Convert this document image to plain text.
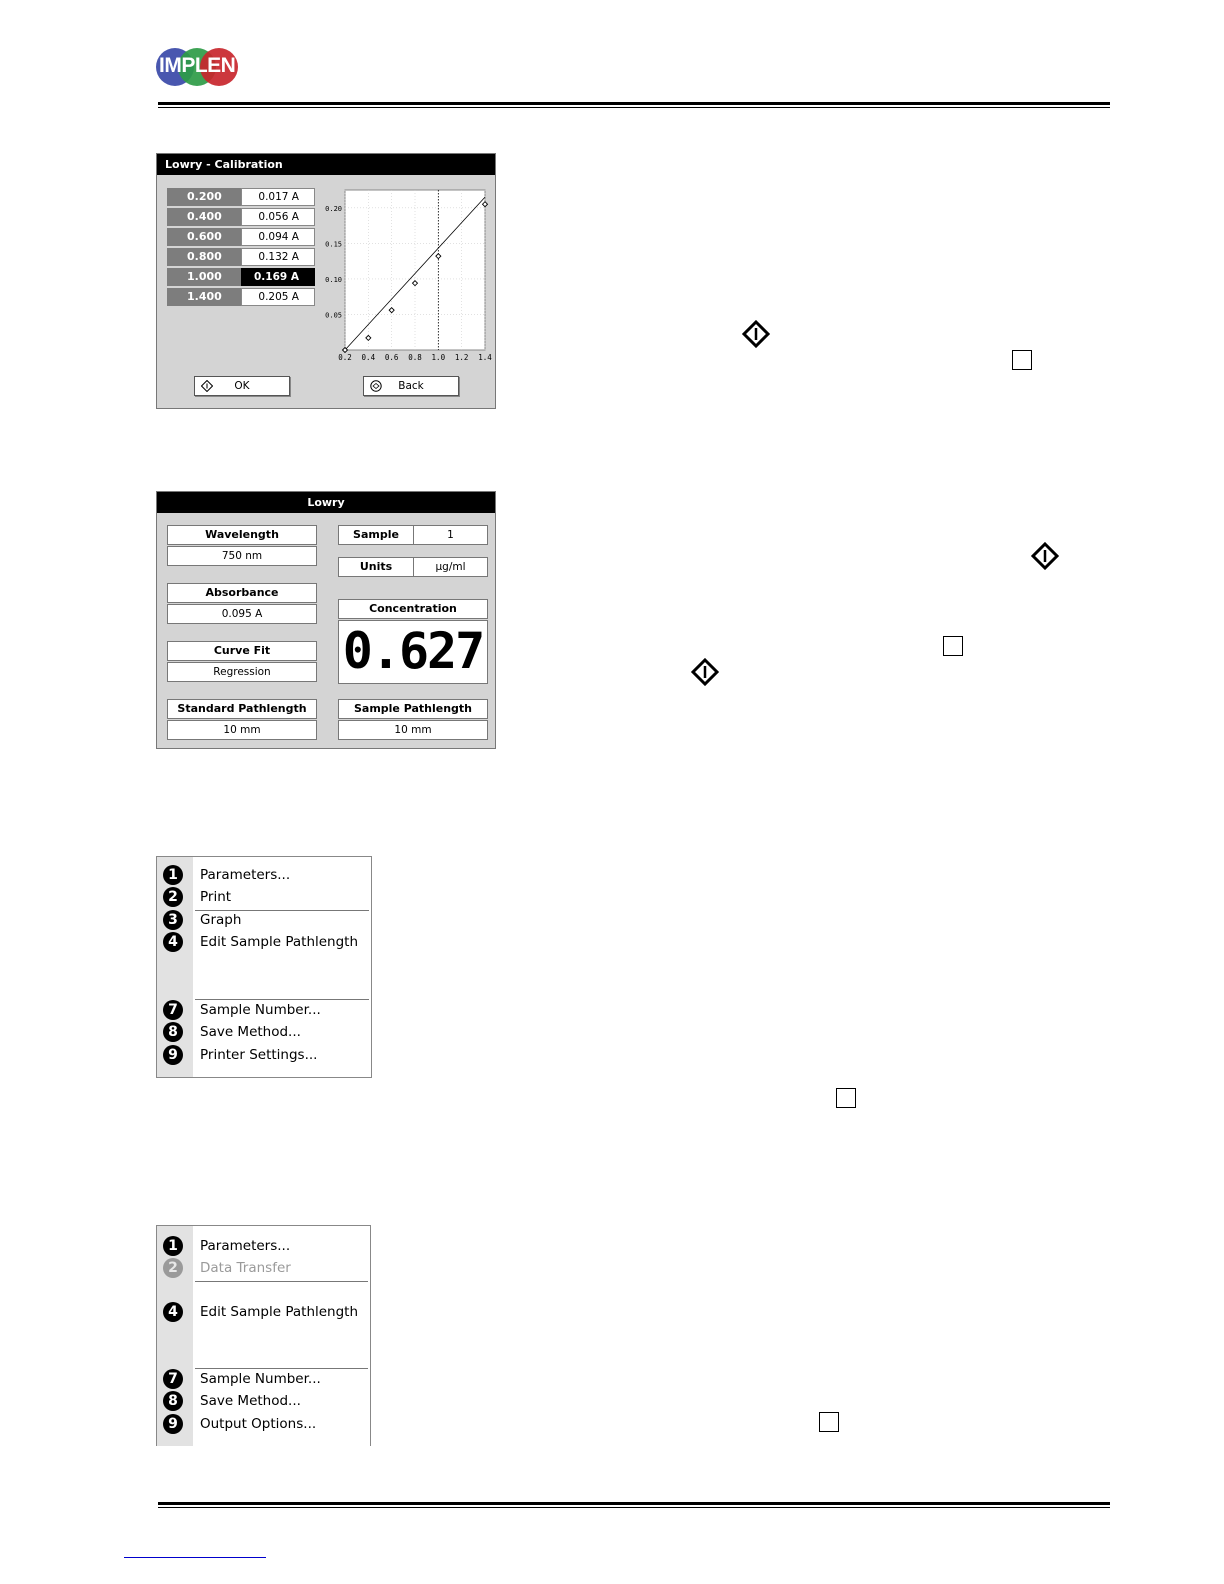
IMPLEN
Lowry - Calibration
0.200	0.017 A
0.400	0.056 A
0.600	0.094 A
0.800	0.132 A
1.000	0.169 A
1.400	0.205 A
0.2 0.4 0.6 0.8 1.0 1.2 1.4
0.05
0.10
0.15
0.20
OK	Back
Lowry
Wavelength
750 nm
Absorbance
0.095 A
Curve Fit
Regression
Standard Pathlength
10 mm
Sample	1
Units	µg/ml
Concentration
0.627
Sample Pathlength
10 mm
1	Parameters...
2	Print
3	Graph
4	Edit Sample Pathlength
7	Sample Number...
8	Save Method...
9	Printer Settings...
1	Parameters...
2	Data Transfer
4	Edit Sample Pathlength
7	Sample Number...
8	Save Method...
9	Output Options...
